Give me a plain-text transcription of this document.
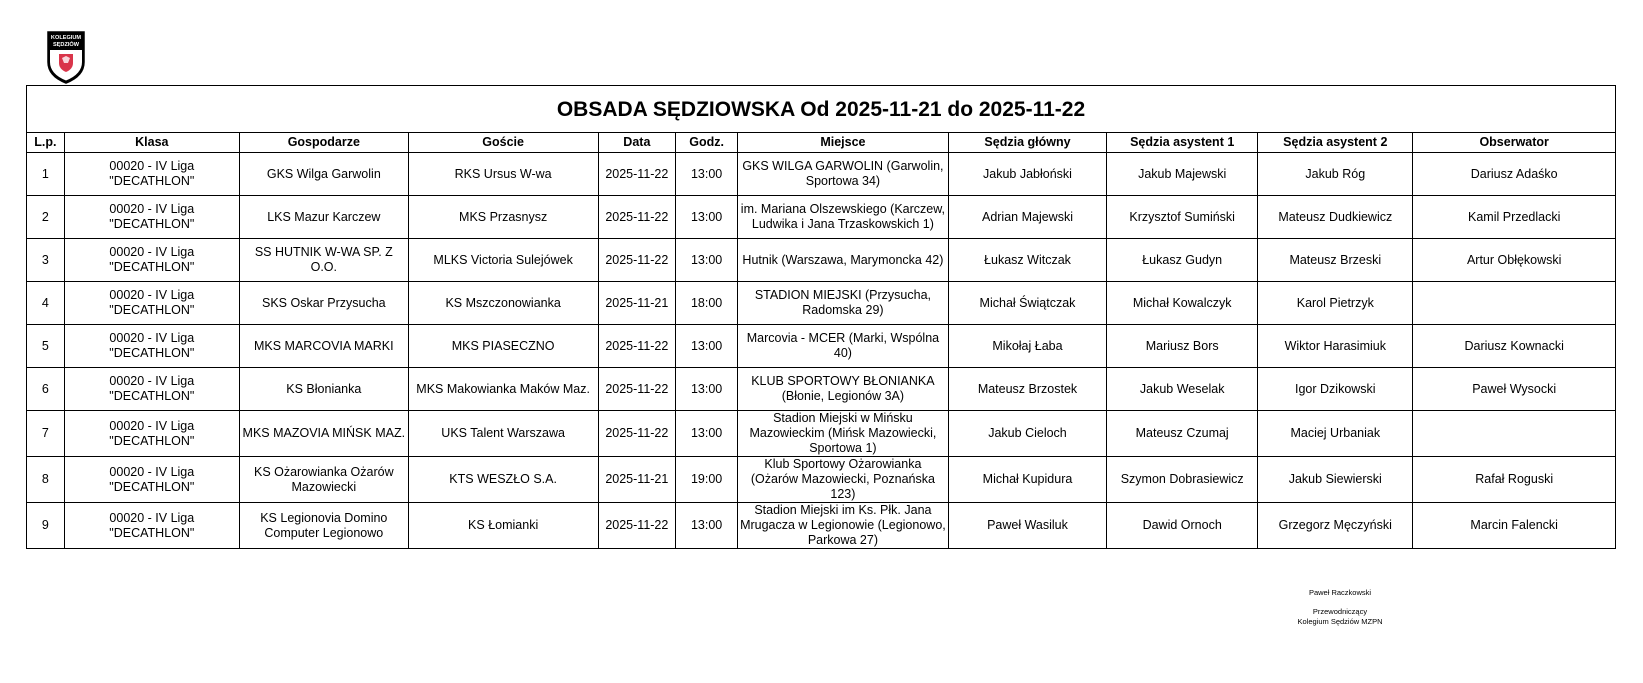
KOLEGIUM
SĘDZIÓW
OBSADA SĘDZIOWSKA Od 2025-11-21 do 2025-11-22										
L.p.	Klasa	Gospodarze	Goście	Data	Godz.	Miejsce	Sędzia główny	Sędzia asystent 1	Sędzia asystent 2	Obserwator
1	00020 - IV Liga "DECATHLON"	GKS Wilga Garwolin	RKS Ursus W-wa	2025-11-22	13:00	GKS WILGA GARWOLIN (Garwolin, Sportowa 34)	Jakub Jabłoński	Jakub Majewski	Jakub Róg	Dariusz Adaśko
2	00020 - IV Liga "DECATHLON"	LKS Mazur Karczew	MKS Przasnysz	2025-11-22	13:00	im. Mariana Olszewskiego (Karczew, Ludwika i Jana Trzaskowskich 1)	Adrian Majewski	Krzysztof Sumiński	Mateusz Dudkiewicz	Kamil Przedlacki
3	00020 - IV Liga "DECATHLON"	SS HUTNIK W-WA SP. Z O.O.	MLKS Victoria Sulejówek	2025-11-22	13:00	Hutnik (Warszawa, Marymoncka 42)	Łukasz Witczak	Łukasz Gudyn	Mateusz Brzeski	Artur Obłękowski
4	00020 - IV Liga "DECATHLON"	SKS Oskar Przysucha	KS Mszczonowianka	2025-11-21	18:00	STADION MIEJSKI (Przysucha, Radomska 29)	Michał Świątczak	Michał Kowalczyk	Karol Pietrzyk	
5	00020 - IV Liga "DECATHLON"	MKS MARCOVIA MARKI	MKS PIASECZNO	2025-11-22	13:00	Marcovia - MCER (Marki, Wspólna 40)	Mikołaj Łaba	Mariusz Bors	Wiktor Harasimiuk	Dariusz Kownacki
6	00020 - IV Liga "DECATHLON"	KS Błonianka	MKS Makowianka Maków Maz.	2025-11-22	13:00	KLUB SPORTOWY BŁONIANKA (Błonie, Legionów 3A)	Mateusz Brzostek	Jakub Weselak	Igor Dzikowski	Paweł Wysocki
7	00020 - IV Liga "DECATHLON"	MKS MAZOVIA MIŃSK MAZ.	UKS Talent Warszawa	2025-11-22	13:00	Stadion Miejski w Mińsku Mazowieckim (Mińsk Mazowiecki, Sportowa 1)	Jakub Cieloch	Mateusz Czumaj	Maciej Urbaniak	
8	00020 - IV Liga "DECATHLON"	KS Ożarowianka Ożarów Mazowiecki	KTS WESZŁO S.A.	2025-11-21	19:00	Klub Sportowy Ożarowianka (Ożarów Mazowiecki, Poznańska 123)	Michał Kupidura	Szymon Dobrasiewicz	Jakub Siewierski	Rafał Roguski
9	00020 - IV Liga "DECATHLON"	KS Legionovia Domino Computer Legionowo	KS Łomianki	2025-11-22	13:00	Stadion Miejski im Ks. Płk. Jana Mrugacza w Legionowie (Legionowo, Parkowa 27)	Paweł Wasiluk	Dawid Ornoch	Grzegorz Męczyński	Marcin Falencki
Paweł Raczkowski
Przewodniczący
Kolegium Sędziów MZPN
